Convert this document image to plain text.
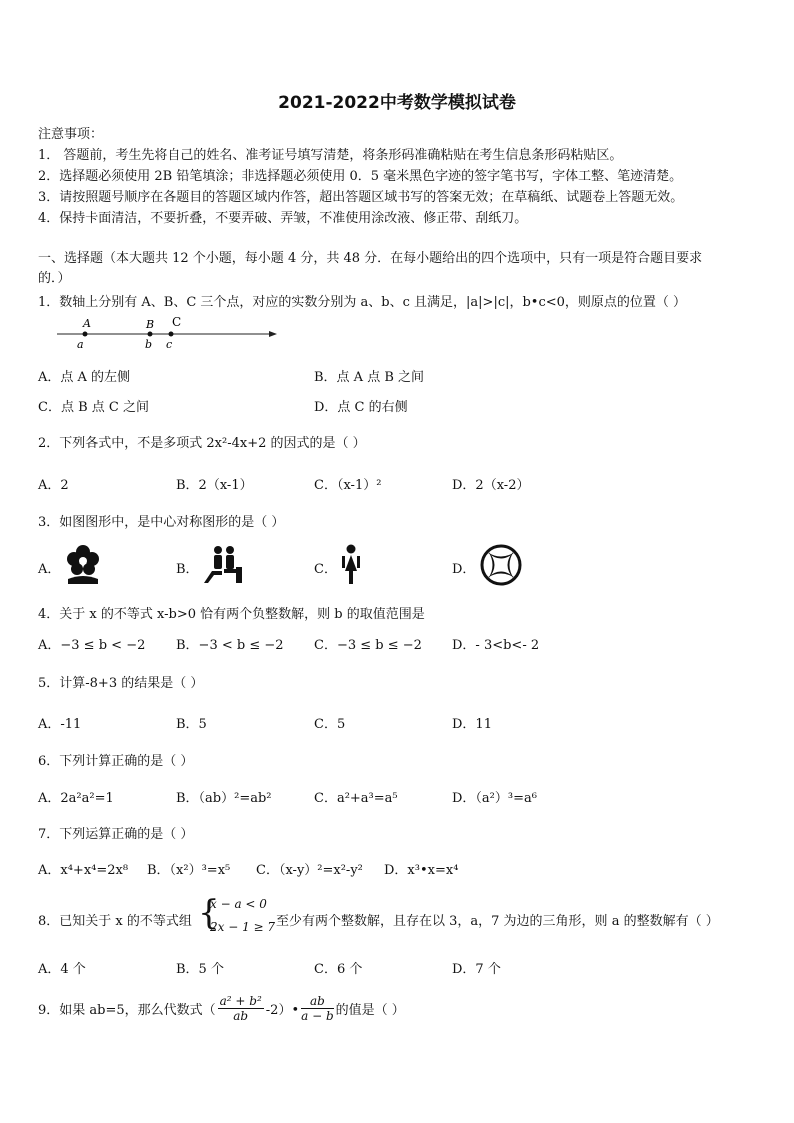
2021-2022中考数学模拟试卷
注意事项：
1． 答题前，考生先将自己的姓名、准考证号填写清楚，将条形码准确粘贴在考生信息条形码粘贴区。
2．选择题必须使用 2B 铅笔填涂；非选择题必须使用 0．5 毫米黑色字迹的签字笔书写，字体工整、笔迹清楚。
3．请按照题号顺序在各题目的答题区域内作答，超出答题区域书写的答案无效；在草稿纸、试题卷上答题无效。
4．保持卡面清洁，不要折叠，不要弄破、弄皱，不准使用涂改液、修正带、刮纸刀。
一、选择题（本大题共 12 个小题，每小题 4 分，共 48 分．在每小题给出的四个选项中，只有一项是符合题目要求
的．）
1．数轴上分别有 A、B、C 三个点，对应的实数分别为 a、b、c 且满足，|a|>|c|，b•c<0，则原点的位置（ ）
A	B C
a	b c
A．点 A 的左侧	B．点 A 点 B 之间
C．点 B 点 C 之间	D．点 C 的右侧
2．下列各式中，不是多项式 2x²-4x+2 的因式的是（ ）
A．2	B．2（x-1）	C．（x-1）²	D．2（x-2）
3．如图图形中，是中心对称图形的是（ ）
A．	B．	C．	D．
4．关于 x 的不等式 x-b>0 恰有两个负整数解，则 b 的取值范围是
A．−3 ≤ b < −2 B．−3 < b ≤ −2 C．−3 ≤ b ≤ −2 D．- 3<b<- 2
5．计算-8+3 的结果是（ ）
A．-11	B．5	C．5	D．11
6．下列计算正确的是（ ）
A．2a²a²=1	B．（ab）²=ab²	C．a²+a³=a⁵	D．（a²）³=a⁶
7．下列运算正确的是（ ）
A．x⁴+x⁴=2x⁸ B．（x²）³=x⁵ C．（x-y）²=x²-y² D．x³•x=x⁴
8．已知关于 x 的不等式组 {
x − a < 0
2x − 1 ≥ 7 至少有两个整数解，且存在以 3，a，7 为边的三角形，则 a 的整数解有（ ）
A．4 个	B．5 个	C．6 个	D．7 个
9．如果 ab=5，那么代数式（ $\frac{\text{a² + b²}}{ab}$ -2）• $\frac{ab}{a - b}$ 的值是（ ）
